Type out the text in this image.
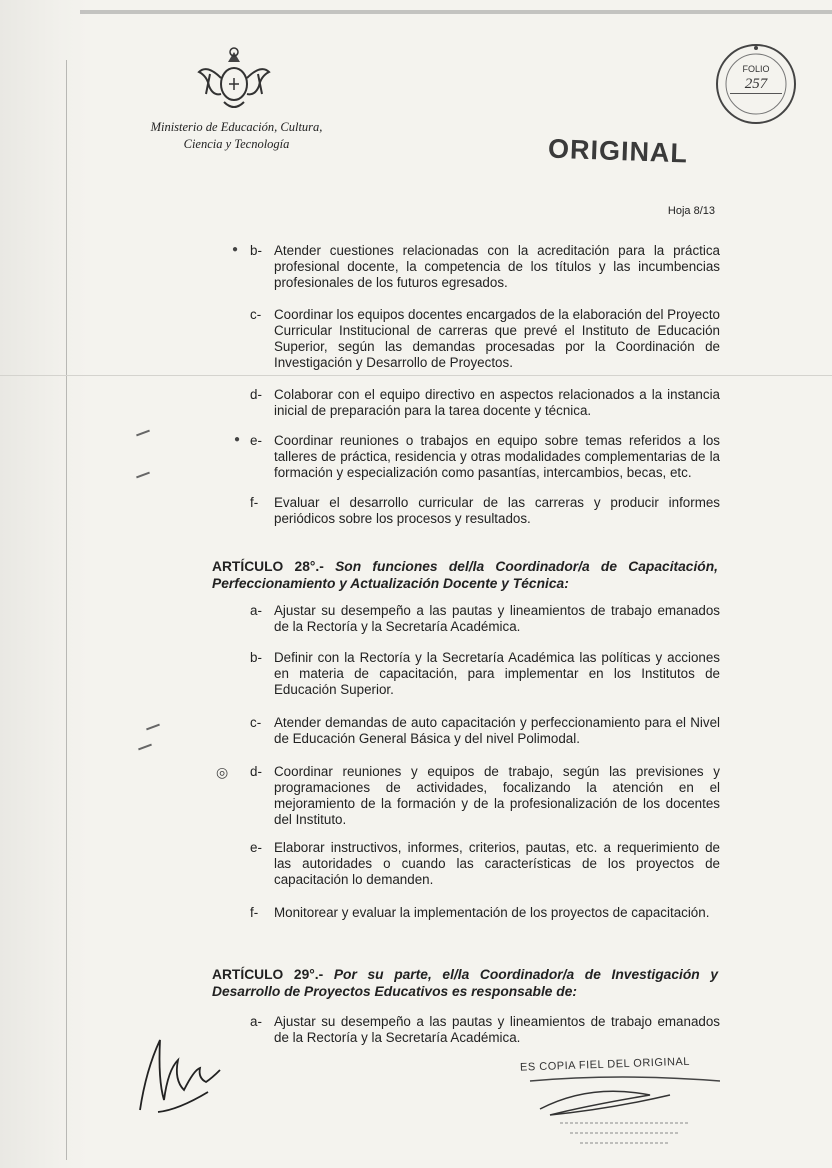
Ministerio de Educación, Cultura,
Ciencia y Tecnología	ORIGINAL
FOLIO
257
Hoja 8/13
b- Atender cuestiones relacionadas con la acreditación para la práctica profesional docente, la competencia de los títulos y las incumbencias profesionales de los futuros egresados.
c- Coordinar los equipos docentes encargados de la elaboración del Proyecto Curricular Institucional de carreras que prevé el Instituto de Educación Superior, según las demandas procesadas por la Coordinación de Investigación y Desarrollo de Proyectos.
d- Colaborar con el equipo directivo en aspectos relacionados a la instancia inicial de preparación para la tarea docente y técnica.
e- Coordinar reuniones o trabajos en equipo sobre temas referidos a los talleres de práctica, residencia y otras modalidades complementarias de la formación y especialización como pasantías, intercambios, becas, etc.
f- Evaluar el desarrollo curricular de las carreras y producir informes periódicos sobre los procesos y resultados.
ARTÍCULO 28°.- Son funciones del/la Coordinador/a de Capacitación, Perfeccionamiento y Actualización Docente y Técnica:
a- Ajustar su desempeño a las pautas y lineamientos de trabajo emanados de la Rectoría y la Secretaría Académica.
b- Definir con la Rectoría y la Secretaría Académica las políticas y acciones en materia de capacitación, para implementar en los Institutos de Educación Superior.
c- Atender demandas de auto capacitación y perfeccionamiento para el Nivel de Educación General Básica y del nivel Polimodal.
d- Coordinar reuniones y equipos de trabajo, según las previsiones y programaciones de actividades, focalizando la atención en el mejoramiento de la formación y de la profesionalización de los docentes del Instituto.
e- Elaborar instructivos, informes, criterios, pautas, etc. a requerimiento de las autoridades o cuando las características de los proyectos de capacitación lo demanden.
f- Monitorear y evaluar la implementación de los proyectos de capacitación.
ARTÍCULO 29°.- Por su parte, el/la Coordinador/a de Investigación y Desarrollo de Proyectos Educativos es responsable de:
a- Ajustar su desempeño a las pautas y lineamientos de trabajo emanados de la Rectoría y la Secretaría Académica.
●
●
◎
ES COPIA FIEL DEL ORIGINAL
